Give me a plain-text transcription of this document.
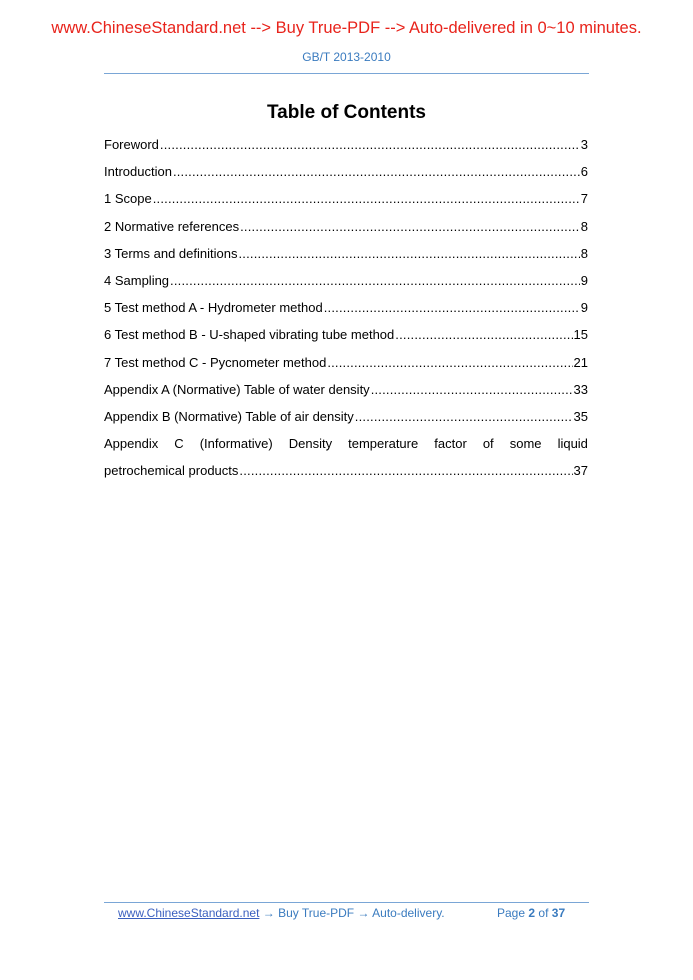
www.ChineseStandard.net --> Buy True-PDF --> Auto-delivered in 0~10 minutes.
GB/T 2013-2010
Table of Contents
Foreword .....	3
Introduction .....	6
1 Scope .....	7
2 Normative references .....	8
3 Terms and definitions .....	8
4 Sampling .....	9
5 Test method A - Hydrometer method .....	9
6 Test method B - U-shaped vibrating tube method .....	15
7 Test method C - Pycnometer method .....	21
Appendix A (Normative) Table of water density .....	33
Appendix B (Normative) Table of air density .....	35
Appendix C (Informative) Density temperature factor of some liquid
petrochemical products .....	37
www.ChineseStandard.net → Buy True-PDF → Auto-delivery.	Page 2 of 37
